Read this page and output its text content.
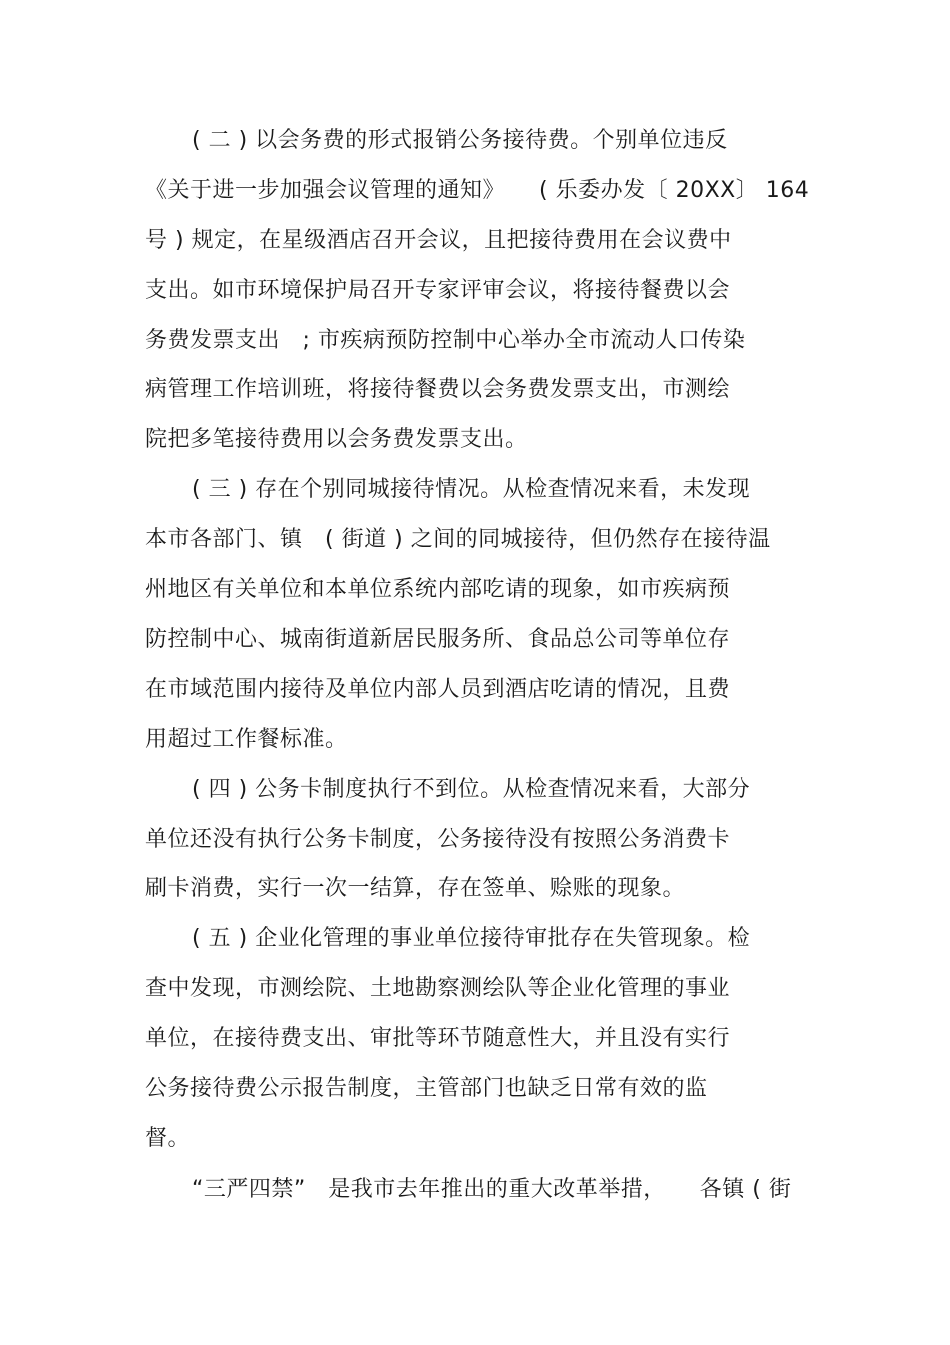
( 二 ) 以会务费的形式报销公务接待费。个别单位违反
《关于进一步加强会议管理的通知》　　( 乐委办发〔 20XX〕 164
号 ) 规定，在星级酒店召开会议，且把接待费用在会议费中
支出。如市环境保护局召开专家评审会议，将接待餐费以会
务费发票支出　; 市疾病预防控制中心举办全市流动人口传染
病管理工作培训班，将接待餐费以会务费发票支出，市测绘
院把多笔接待费用以会务费发票支出。
( 三 ) 存在个别同城接待情况。从检查情况来看，未发现
本市各部门、镇　( 街道 ) 之间的同城接待，但仍然存在接待温
州地区有关单位和本单位系统内部吃请的现象，如市疾病预
防控制中心、城南街道新居民服务所、食品总公司等单位存
在市域范围内接待及单位内部人员到酒店吃请的情况，且费
用超过工作餐标准。
( 四 ) 公务卡制度执行不到位。从检查情况来看，大部分
单位还没有执行公务卡制度，公务接待没有按照公务消费卡
刷卡消费，实行一次一结算，存在签单、赊账的现象。
( 五 ) 企业化管理的事业单位接待审批存在失管现象。检
查中发现，市测绘院、土地勘察测绘队等企业化管理的事业
单位，在接待费支出、审批等环节随意性大，并且没有实行
公务接待费公示报告制度，主管部门也缺乏日常有效的监
督。
“三严四禁”　是我市去年推出的重大改革举措，　　各镇 ( 街
